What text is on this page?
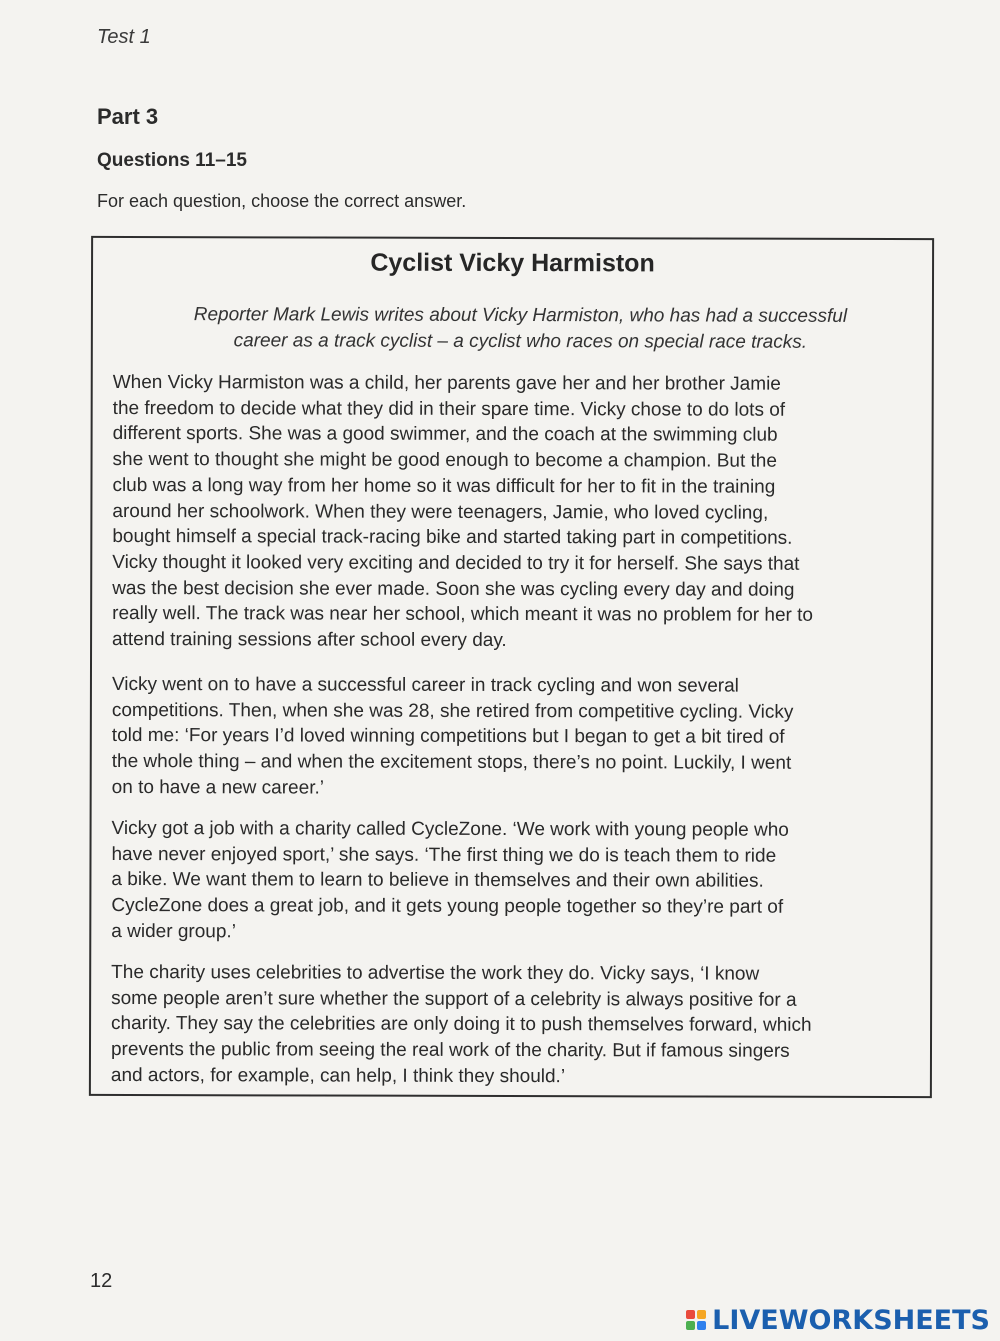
Test 1

Part 3
Questions 11–15

For each question, choose the correct answer.

Cyclist Vicky Harmiston

Reporter Mark Lewis writes about Vicky Harmiston, who has had a successful
career as a track cyclist – a cyclist who races on special race tracks.

When Vicky Harmiston was a child, her parents gave her and her brother Jamie
the freedom to decide what they did in their spare time. Vicky chose to do lots of
different sports. She was a good swimmer, and the coach at the swimming club
she went to thought she might be good enough to become a champion. But the
club was a long way from her home so it was difficult for her to fit in the training
around her schoolwork. When they were teenagers, Jamie, who loved cycling,
bought himself a special track-racing bike and started taking part in competitions.
Vicky thought it looked very exciting and decided to try it for herself. She says that
was the best decision she ever made. Soon she was cycling every day and doing
really well. The track was near her school, which meant it was no problem for her to
attend training sessions after school every day.

Vicky went on to have a successful career in track cycling and won several
competitions. Then, when she was 28, she retired from competitive cycling. Vicky
told me: ‘For years I’d loved winning competitions but I began to get a bit tired of
the whole thing – and when the excitement stops, there’s no point. Luckily, I went
on to have a new career.’

Vicky got a job with a charity called CycleZone. ‘We work with young people who
have never enjoyed sport,’ she says. ‘The first thing we do is teach them to ride
a bike. We want them to learn to believe in themselves and their own abilities.
CycleZone does a great job, and it gets young people together so they’re part of
a wider group.’

The charity uses celebrities to advertise the work they do. Vicky says, ‘I know
some people aren’t sure whether the support of a celebrity is always positive for a
charity. They say the celebrities are only doing it to push themselves forward, which
prevents the public from seeing the real work of the charity. But if famous singers
and actors, for example, can help, I think they should.’

12

LIVEWORKSHEETS
